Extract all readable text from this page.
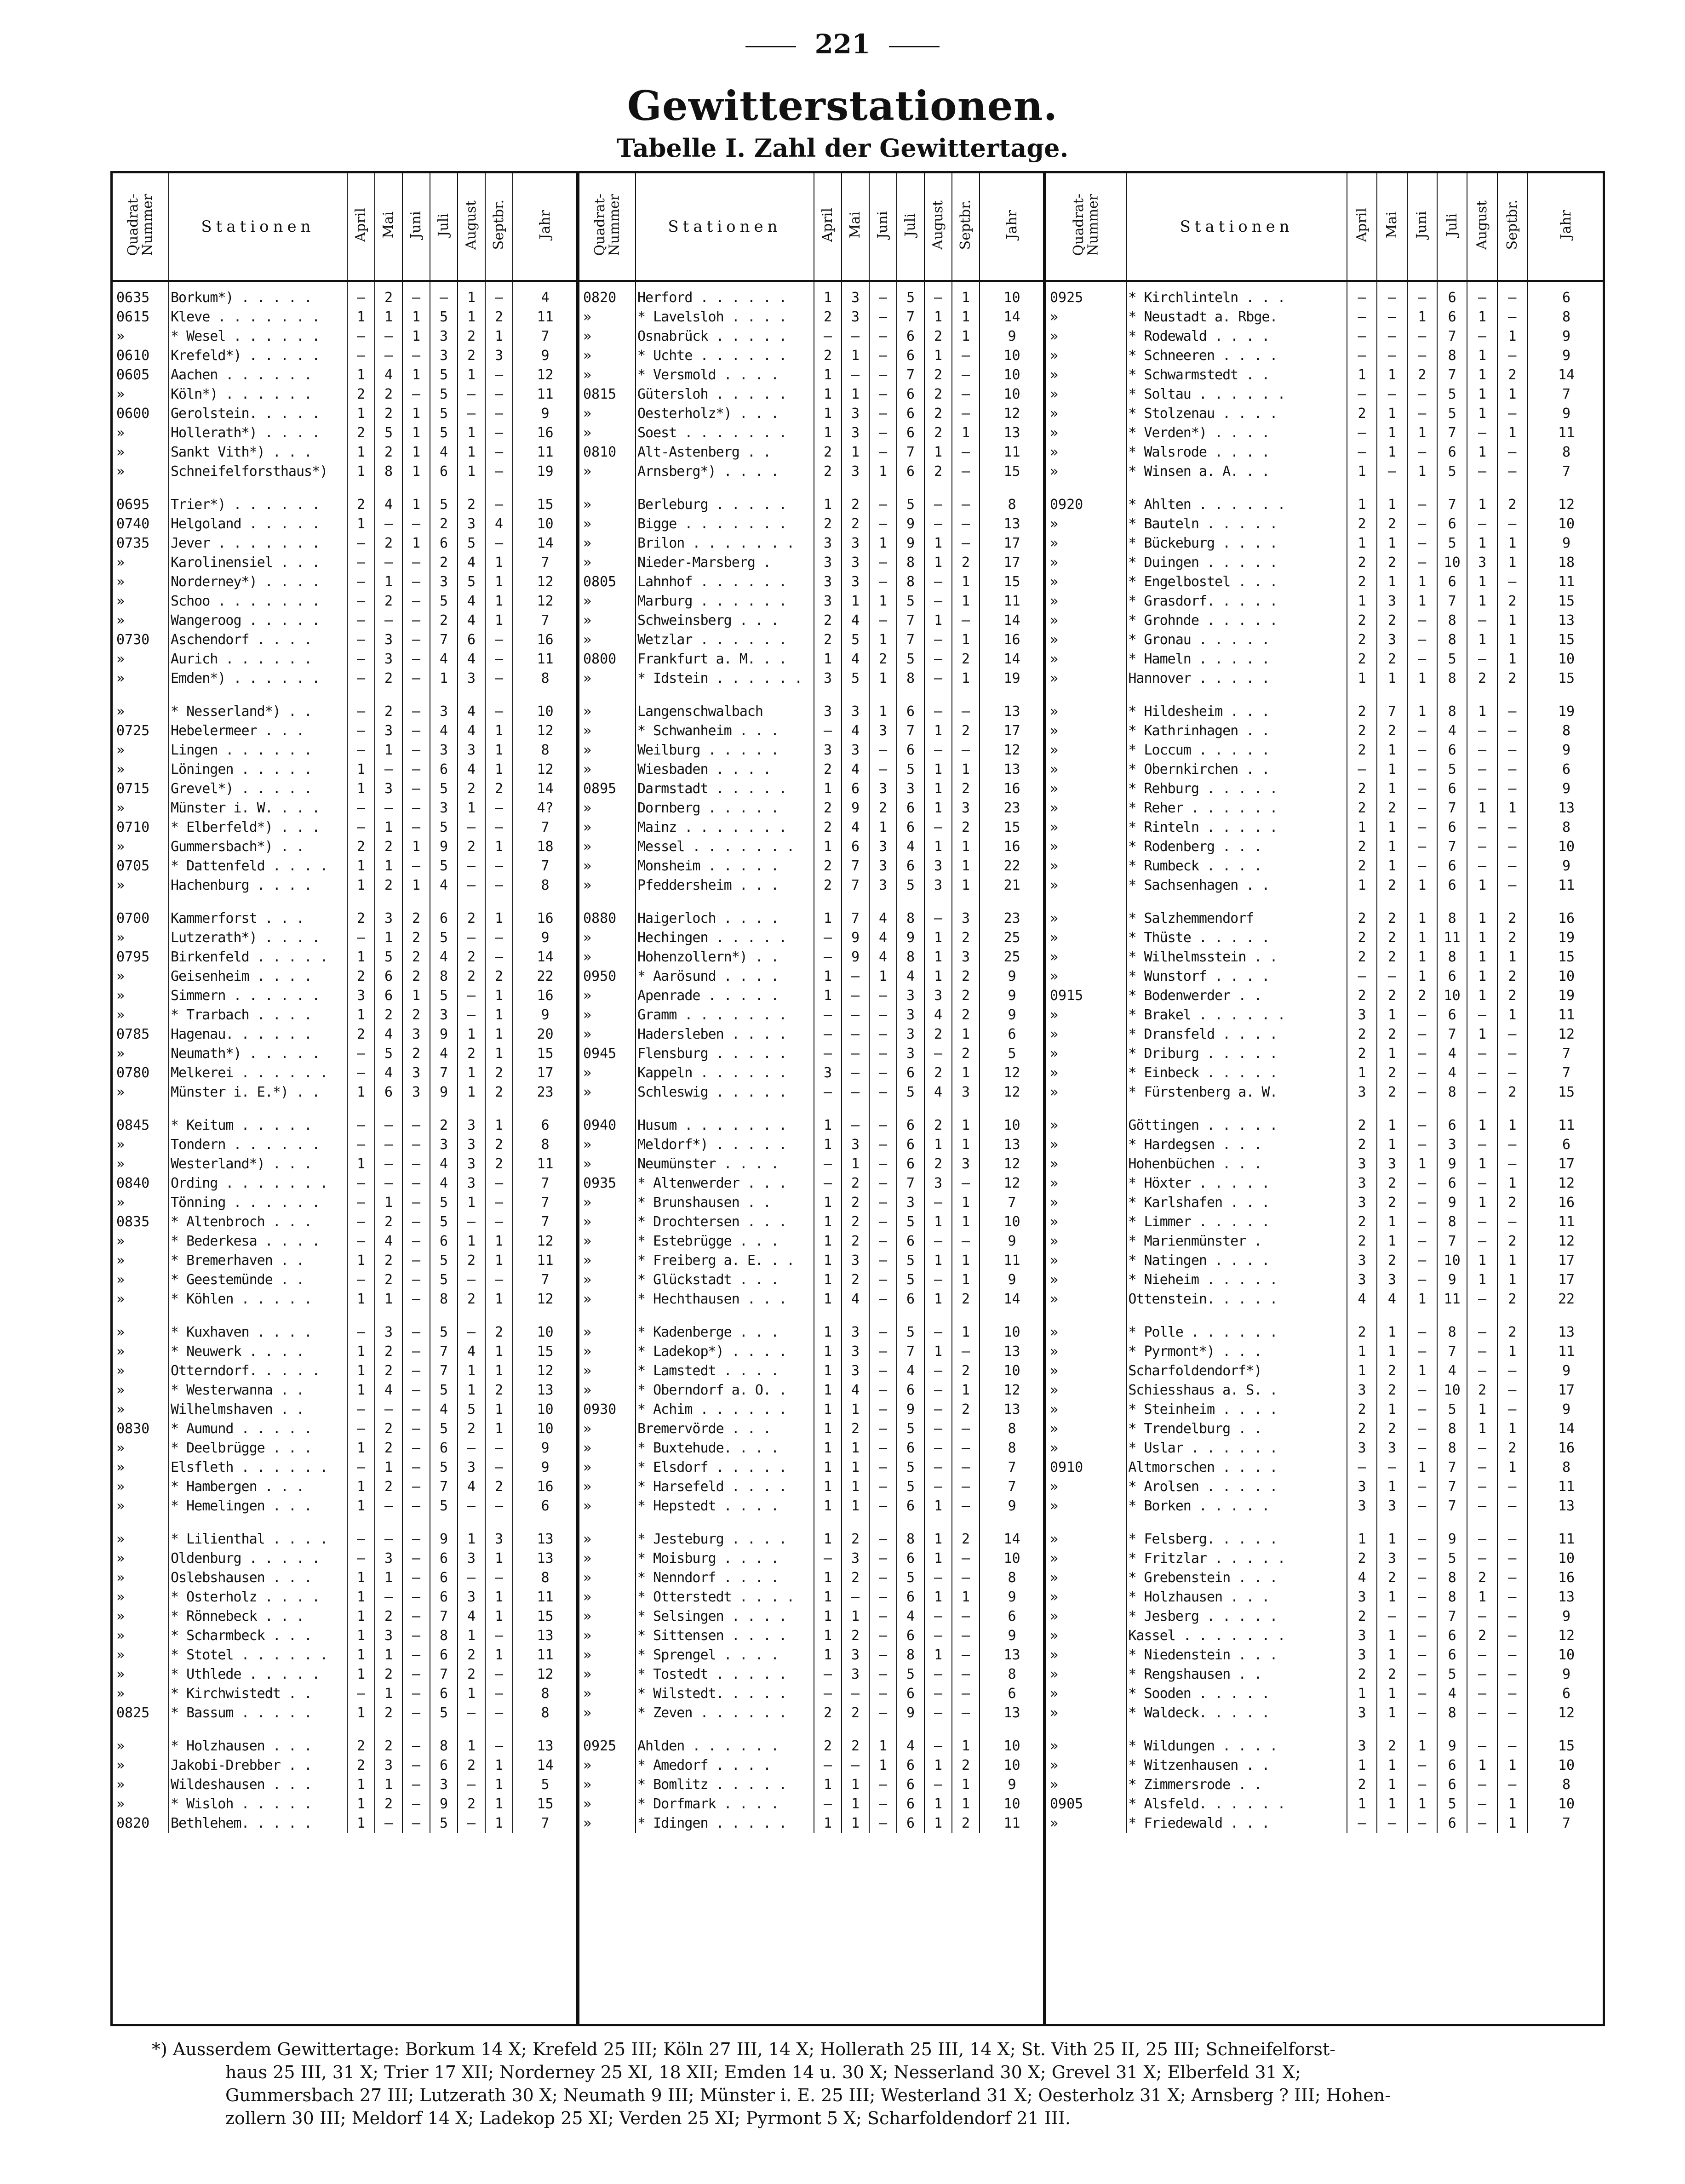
221
Gewitterstationen.
Tabelle I. Zahl der Gewittertage.
Quadrat-
Nummer	Stationen	April	Mai	Juni	Juli	August	Septbr.	Jahr
0635	Borkum*) . . . . .	—	2	—	—	1	—	4
0615	Kleve . . . . . . .	1	1	1	5	1	2	11
»	* Wesel . . . . . .	—	—	1	3	2	1	7
0610	Krefeld*) . . . . .	—	—	—	3	2	3	9
0605	Aachen . . . . . .	1	4	1	5	1	—	12
»	Köln*) . . . . . .	2	2	—	5	—	—	11
0600	Gerolstein. . . . .	1	2	1	5	—	—	9
»	Hollerath*) . . . .	2	5	1	5	1	—	16
»	Sankt Vith*) . . .	1	2	1	4	1	—	11
»	Schneifelforsthaus*)	1	8	1	6	1	—	19

0695	Trier*) . . . . . .	2	4	1	5	2	—	15
0740	Helgoland . . . . .	1	—	—	2	3	4	10
0735	Jever . . . . . . .	—	2	1	6	5	—	14
»	Karolinensiel . . .	—	—	—	2	4	1	7
»	Norderney*) . . . .	—	1	—	3	5	1	12
»	Schoo . . . . . . .	—	2	—	5	4	1	12
»	Wangeroog . . . . .	—	—	—	2	4	1	7
0730	Aschendorf . . . .	—	3	—	7	6	—	16
»	Aurich . . . . . .	—	3	—	4	4	—	11
»	Emden*) . . . . . .	—	2	—	1	3	—	8

»	* Nesserland*) . .	—	2	—	3	4	—	10
0725	Hebelermeer . . .	—	3	—	4	4	1	12
»	Lingen . . . . . .	—	1	—	3	3	1	8
»	Löningen . . . . .	1	—	—	6	4	1	12
0715	Grevel*) . . . . .	1	3	—	5	2	2	14
»	Münster i. W. . . .	—	—	—	3	1	—	4?
0710	* Elberfeld*) . . .	—	1	—	5	—	—	7
»	Gummersbach*) . .	2	2	1	9	2	1	18
0705	* Dattenfeld . . . .	1	1	—	5	—	—	7
»	Hachenburg . . . .	1	2	1	4	—	—	8

0700	Kammerforst . . .	2	3	2	6	2	1	16
»	Lutzerath*) . . . .	—	1	2	5	—	—	9
0795	Birkenfeld . . . . .	1	5	2	4	2	—	14
»	Geisenheim . . . .	2	6	2	8	2	2	22
»	Simmern . . . . . .	3	6	1	5	—	1	16
»	* Trarbach . . . .	1	2	2	3	—	1	9
0785	Hagenau. . . . . .	2	4	3	9	1	1	20
»	Neumath*) . . . . .	—	5	2	4	2	1	15
0780	Melkerei . . . . . .	—	4	3	7	1	2	17
»	Münster i. E.*) . .	1	6	3	9	1	2	23

0845	* Keitum . . . . .	—	—	—	2	3	1	6
»	Tondern . . . . . .	—	—	—	3	3	2	8
»	Westerland*) . . .	1	—	—	4	3	2	11
0840	Ording . . . . . . .	—	—	—	4	3	—	7
»	Tönning . . . . . .	—	1	—	5	1	—	7
0835	* Altenbroch . . .	—	2	—	5	—	—	7
»	* Bederkesa . . . .	—	4	—	6	1	1	12
»	* Bremerhaven . .	1	2	—	5	2	1	11
»	* Geestemünde . .	—	2	—	5	—	—	7
»	* Köhlen . . . . .	1	1	—	8	2	1	12

»	* Kuxhaven . . . .	—	3	—	5	—	2	10
»	* Neuwerk . . . .	1	2	—	7	4	1	15
»	Otterndorf. . . . .	1	2	—	7	1	1	12
»	* Westerwanna . .	1	4	—	5	1	2	13
»	Wilhelmshaven . .	—	—	—	4	5	1	10
0830	* Aumund . . . . .	—	2	—	5	2	1	10
»	* Deelbrügge . . .	1	2	—	6	—	—	9
»	Elsfleth . . . . . .	—	1	—	5	3	—	9
»	* Hambergen . . .	1	2	—	7	4	2	16
»	* Hemelingen . . .	1	—	—	5	—	—	6

»	* Lilienthal . . . .	—	—	—	9	1	3	13
»	Oldenburg . . . . .	—	3	—	6	3	1	13
»	Oslebshausen . . .	1	1	—	6	—	—	8
»	* Osterholz . . . .	1	—	—	6	3	1	11
»	* Rönnebeck . . .	1	2	—	7	4	1	15
»	* Scharmbeck . . .	1	3	—	8	1	—	13
»	* Stotel . . . . . .	1	1	—	6	2	1	11
»	* Uthlede . . . . .	1	2	—	7	2	—	12
»	* Kirchwistedt . .	—	1	—	6	1	—	8
0825	* Bassum . . . . .	1	2	—	5	—	—	8

»	* Holzhausen . . .	2	2	—	8	1	—	13
»	Jakobi-Drebber . .	2	3	—	6	2	1	14
»	Wildeshausen . . .	1	1	—	3	—	1	5
»	* Wisloh . . . . .	1	2	—	9	2	1	15
0820	Bethlehem. . . . .	1	—	—	5	—	1	7
Quadrat-
Nummer	Stationen	April	Mai	Juni	Juli	August	Septbr.	Jahr
0820	Herford . . . . . .	1	3	—	5	—	1	10
»	* Lavelsloh . . . .	2	3	—	7	1	1	14
»	Osnabrück . . . . .	—	—	—	6	2	1	9
»	* Uchte . . . . . .	2	1	—	6	1	—	10
»	* Versmold . . . .	1	—	—	7	2	—	10
0815	Gütersloh . . . . .	1	1	—	6	2	—	10
»	Oesterholz*) . . .	1	3	—	6	2	—	12
»	Soest . . . . . . .	1	3	—	6	2	1	13
0810	Alt-Astenberg . .	2	1	—	7	1	—	11
»	Arnsberg*) . . . .	2	3	1	6	2	—	15

»	Berleburg . . . . .	1	2	—	5	—	—	8
»	Bigge . . . . . . .	2	2	—	9	—	—	13
»	Brilon . . . . . . .	3	3	1	9	1	—	17
»	Nieder-Marsberg .	3	3	—	8	1	2	17
0805	Lahnhof . . . . . .	3	3	—	8	—	1	15
»	Marburg . . . . . .	3	1	1	5	—	1	11
»	Schweinsberg . . .	2	4	—	7	1	—	14
»	Wetzlar . . . . . .	2	5	1	7	—	1	16
0800	Frankfurt a. M. . .	1	4	2	5	—	2	14
»	* Idstein . . . . . .	3	5	1	8	—	1	19

»	Langenschwalbach	3	3	1	6	—	—	13
»	* Schwanheim . . .	—	4	3	7	1	2	17
»	Weilburg . . . . .	3	3	—	6	—	—	12
»	Wiesbaden . . . .	2	4	—	5	1	1	13
0895	Darmstadt . . . . .	1	6	3	3	1	2	16
»	Dornberg . . . . .	2	9	2	6	1	3	23
»	Mainz . . . . . . .	2	4	1	6	—	2	15
»	Messel . . . . . . .	1	6	3	4	1	1	16
»	Monsheim . . . . .	2	7	3	6	3	1	22
»	Pfeddersheim . . .	2	7	3	5	3	1	21

0880	Haigerloch . . . .	1	7	4	8	—	3	23
»	Hechingen . . . . .	—	9	4	9	1	2	25
»	Hohenzollern*) . .	—	9	4	8	1	3	25
0950	* Aarösund . . . .	1	—	1	4	1	2	9
»	Apenrade . . . . .	1	—	—	3	3	2	9
»	Gramm . . . . . . .	—	—	—	3	4	2	9
»	Hadersleben . . . .	—	—	—	3	2	1	6
0945	Flensburg . . . . .	—	—	—	3	—	2	5
»	Kappeln . . . . . .	3	—	—	6	2	1	12
»	Schleswig . . . . .	—	—	—	5	4	3	12

0940	Husum . . . . . . .	1	—	—	6	2	1	10
»	Meldorf*) . . . . .	1	3	—	6	1	1	13
»	Neumünster . . . .	—	1	—	6	2	3	12
0935	* Altenwerder . . .	—	2	—	7	3	—	12
»	* Brunshausen . .	1	2	—	3	—	1	7
»	* Drochtersen . . .	1	2	—	5	1	1	10
»	* Estebrügge . . .	1	2	—	6	—	—	9
»	* Freiberg a. E. . .	1	3	—	5	1	1	11
»	* Glückstadt . . .	1	2	—	5	—	1	9
»	* Hechthausen . . .	1	4	—	6	1	2	14

»	* Kadenberge . . .	1	3	—	5	—	1	10
»	* Ladekop*) . . . .	1	3	—	7	1	—	13
»	* Lamstedt . . . .	1	3	—	4	—	2	10
»	* Oberndorf a. O. .	1	4	—	6	—	1	12
0930	* Achim . . . . . .	1	1	—	9	—	2	13
»	Bremervörde . . .	1	2	—	5	—	—	8
»	* Buxtehude. . . .	1	1	—	6	—	—	8
»	* Elsdorf . . . . .	1	1	—	5	—	—	7
»	* Harsefeld . . . .	1	1	—	5	—	—	7
»	* Hepstedt . . . .	1	1	—	6	1	—	9

»	* Jesteburg . . . .	1	2	—	8	1	2	14
»	* Moisburg . . . .	—	3	—	6	1	—	10
»	* Nenndorf . . . .	1	2	—	5	—	—	8
»	* Otterstedt . . . .	1	—	—	6	1	1	9
»	* Selsingen . . . .	1	1	—	4	—	—	6
»	* Sittensen . . . .	1	2	—	6	—	—	9
»	* Sprengel . . . .	1	3	—	8	1	—	13
»	* Tostedt . . . . .	—	3	—	5	—	—	8
»	* Wilstedt. . . . .	—	—	—	6	—	—	6
»	* Zeven . . . . . .	2	2	—	9	—	—	13

0925	Ahlden . . . . . .	2	2	1	4	—	1	10
»	* Amedorf . . . .	—	—	1	6	1	2	10
»	* Bomlitz . . . . .	1	1	—	6	—	1	9
»	* Dorfmark . . . .	—	1	—	6	1	1	10
»	* Idingen . . . . .	1	1	—	6	1	2	11
Quadrat-
Nummer	Stationen	April	Mai	Juni	Juli	August	Septbr.	Jahr
0925	* Kirchlinteln . . .	—	—	—	6	—	—	6
»	* Neustadt a. Rbge.	—	—	1	6	1	—	8
»	* Rodewald . . . .	—	—	—	7	—	1	9
»	* Schneeren . . . .	—	—	—	8	1	—	9
»	* Schwarmstedt . .	1	1	2	7	1	2	14
»	* Soltau . . . . . .	—	—	—	5	1	1	7
»	* Stolzenau . . . .	2	1	—	5	1	—	9
»	* Verden*) . . . .	—	1	1	7	—	1	11
»	* Walsrode . . . .	—	1	—	6	1	—	8
»	* Winsen a. A. . .	1	—	1	5	—	—	7

0920	* Ahlten . . . . . .	1	1	—	7	1	2	12
»	* Bauteln . . . . .	2	2	—	6	—	—	10
»	* Bückeburg . . . .	1	1	—	5	1	1	9
»	* Duingen . . . . .	2	2	—	10	3	1	18
»	* Engelbostel . . .	2	1	1	6	1	—	11
»	* Grasdorf. . . . .	1	3	1	7	1	2	15
»	* Grohnde . . . . .	2	2	—	8	—	1	13
»	* Gronau . . . . .	2	3	—	8	1	1	15
»	* Hameln . . . . .	2	2	—	5	—	1	10
»	Hannover . . . . .	1	1	1	8	2	2	15

»	* Hildesheim . . .	2	7	1	8	1	—	19
»	* Kathrinhagen . .	2	2	—	4	—	—	8
»	* Loccum . . . . .	2	1	—	6	—	—	9
»	* Obernkirchen . .	—	1	—	5	—	—	6
»	* Rehburg . . . . .	2	1	—	6	—	—	9
»	* Reher . . . . . .	2	2	—	7	1	1	13
»	* Rinteln . . . . .	1	1	—	6	—	—	8
»	* Rodenberg . . .	2	1	—	7	—	—	10
»	* Rumbeck . . . .	2	1	—	6	—	—	9
»	* Sachsenhagen . .	1	2	1	6	1	—	11

»	* Salzhemmendorf	2	2	1	8	1	2	16
»	* Thüste . . . . .	2	2	1	11	1	2	19
»	* Wilhelmsstein . .	2	2	1	8	1	1	15
»	* Wunstorf . . . .	—	—	1	6	1	2	10
0915	* Bodenwerder . .	2	2	2	10	1	2	19
»	* Brakel . . . . . .	3	1	—	6	—	1	11
»	* Dransfeld . . . .	2	2	—	7	1	—	12
»	* Driburg . . . . .	2	1	—	4	—	—	7
»	* Einbeck . . . . .	1	2	—	4	—	—	7
»	* Fürstenberg a. W.	3	2	—	8	—	2	15

»	Göttingen . . . . .	2	1	—	6	1	1	11
»	* Hardegsen . . .	2	1	—	3	—	—	6
»	Hohenbüchen . . .	3	3	1	9	1	—	17
»	* Höxter . . . . .	3	2	—	6	—	1	12
»	* Karlshafen . . .	3	2	—	9	1	2	16
»	* Limmer . . . . .	2	1	—	8	—	—	11
»	* Marienmünster .	2	1	—	7	—	2	12
»	* Natingen . . . .	3	2	—	10	1	1	17
»	* Nieheim . . . . .	3	3	—	9	1	1	17
»	Ottenstein. . . . .	4	4	1	11	—	2	22

»	* Polle . . . . . .	2	1	—	8	—	2	13
»	* Pyrmont*) . . .	1	1	—	7	—	1	11
»	Scharfoldendorf*)	1	2	1	4	—	—	9
»	Schiesshaus a. S. .	3	2	—	10	2	—	17
»	* Steinheim . . . .	2	1	—	5	1	—	9
»	* Trendelburg . .	2	2	—	8	1	1	14
»	* Uslar . . . . . .	3	3	—	8	—	2	16
0910	Altmorschen . . . .	—	—	1	7	—	1	8
»	* Arolsen . . . . .	3	1	—	7	—	—	11
»	* Borken . . . . .	3	3	—	7	—	—	13

»	* Felsberg. . . . .	1	1	—	9	—	—	11
»	* Fritzlar . . . . .	2	3	—	5	—	—	10
»	* Grebenstein . . .	4	2	—	8	2	—	16
»	* Holzhausen . . .	3	1	—	8	1	—	13
»	* Jesberg . . . . .	2	—	—	7	—	—	9
»	Kassel . . . . . . .	3	1	—	6	2	—	12
»	* Niedenstein . . .	3	1	—	6	—	—	10
»	* Rengshausen . .	2	2	—	5	—	—	9
»	* Sooden . . . . .	1	1	—	4	—	—	6
»	* Waldeck. . . . .	3	1	—	8	—	—	12

»	* Wildungen . . . .	3	2	1	9	—	—	15
»	* Witzenhausen . .	1	1	—	6	1	1	10
»	* Zimmersrode . .	2	1	—	6	—	—	8
0905	* Alsfeld. . . . . .	1	1	1	5	—	1	10
»	* Friedewald . . .	—	—	—	6	—	1	7
*) Ausserdem Gewittertage: Borkum 14 X; Krefeld 25 III; Köln 27 III, 14 X; Hollerath 25 III, 14 X; St. Vith 25 II, 25 III; Schneifelforst-
haus 25 III, 31 X; Trier 17 XII; Norderney 25 XI, 18 XII; Emden 14 u. 30 X; Nesserland 30 X; Grevel 31 X; Elberfeld 31 X;
Gummersbach 27 III; Lutzerath 30 X; Neumath 9 III; Münster i. E. 25 III; Westerland 31 X; Oesterholz 31 X; Arnsberg ? III; Hohen-
zollern 30 III; Meldorf 14 X; Ladekop 25 XI; Verden 25 XI; Pyrmont 5 X; Scharfoldendorf 21 III.
